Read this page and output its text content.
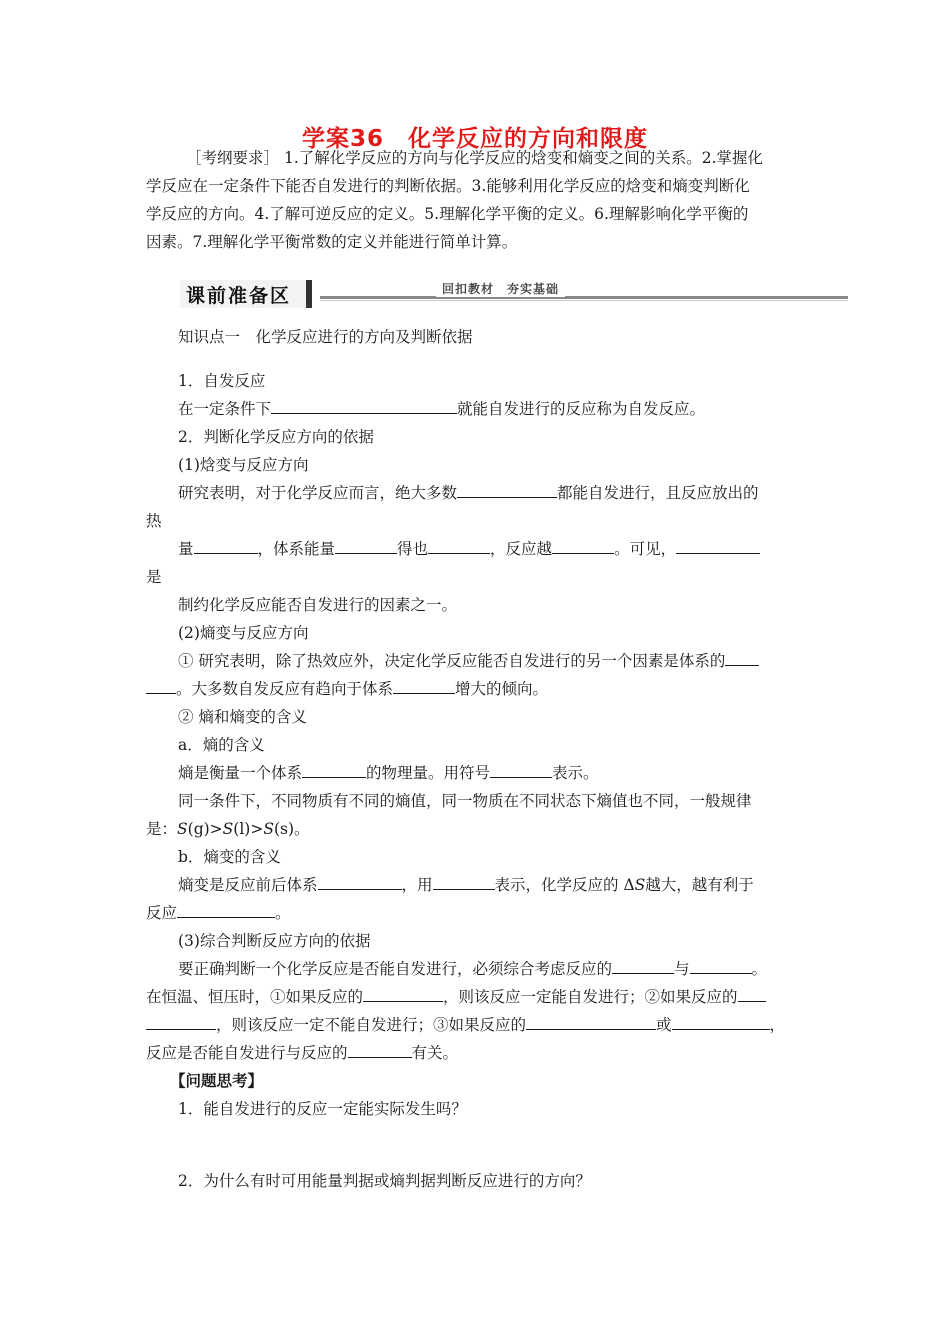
学案36　化学反应的方向和限度
［考纲要求］ 1.了解化学反应的方向与化学反应的焓变和熵变之间的关系。2.掌握化
学反应在一定条件下能否自发进行的判断依据。3.能够利用化学反应的焓变和熵变判断化
学反应的方向。4.了解可逆反应的定义。5.理解化学平衡的定义。6.理解影响化学平衡的
因素。7.理解化学平衡常数的定义并能进行简单计算。
课前准备区	回扣教材　夯实基础
知识点一　化学反应进行的方向及判断依据
1．自发反应
在一定条件下	就能自发进行的反应称为自发反应。
2．判断化学反应方向的依据
(1)焓变与反应方向
研究表明，对于化学反应而言，绝大多数	都能自发进行，且反应放出的
热
量	，体系能量	得也	，反应越	。可见，
是
制约化学反应能否自发进行的因素之一。
(2)熵变与反应方向
① 研究表明，除了热效应外，决定化学反应能否自发进行的另一个因素是体系的
。大多数自发反应有趋向于体系	增大的倾向。
② 熵和熵变的含义
a．熵的含义
熵是衡量一个体系	的物理量。用符号	表示。
同一条件下，不同物质有不同的熵值，同一物质在不同状态下熵值也不同，一般规律
是：S(g)>S(l)>S(s)。
b．熵变的含义
熵变是反应前后体系	，用	表示，化学反应的 ΔS越大，越有利于
反应	。
(3)综合判断反应方向的依据
要正确判断一个化学反应是否能自发进行，必须综合考虑反应的	与	。
在恒温、恒压时，①如果反应的	，则该反应一定能自发进行；②如果反应的
，则该反应一定不能自发进行；③如果反应的	或	，
反应是否能自发进行与反应的	有关。
【问题思考】
1．能自发进行的反应一定能实际发生吗？
2．为什么有时可用能量判据或熵判据判断反应进行的方向？
